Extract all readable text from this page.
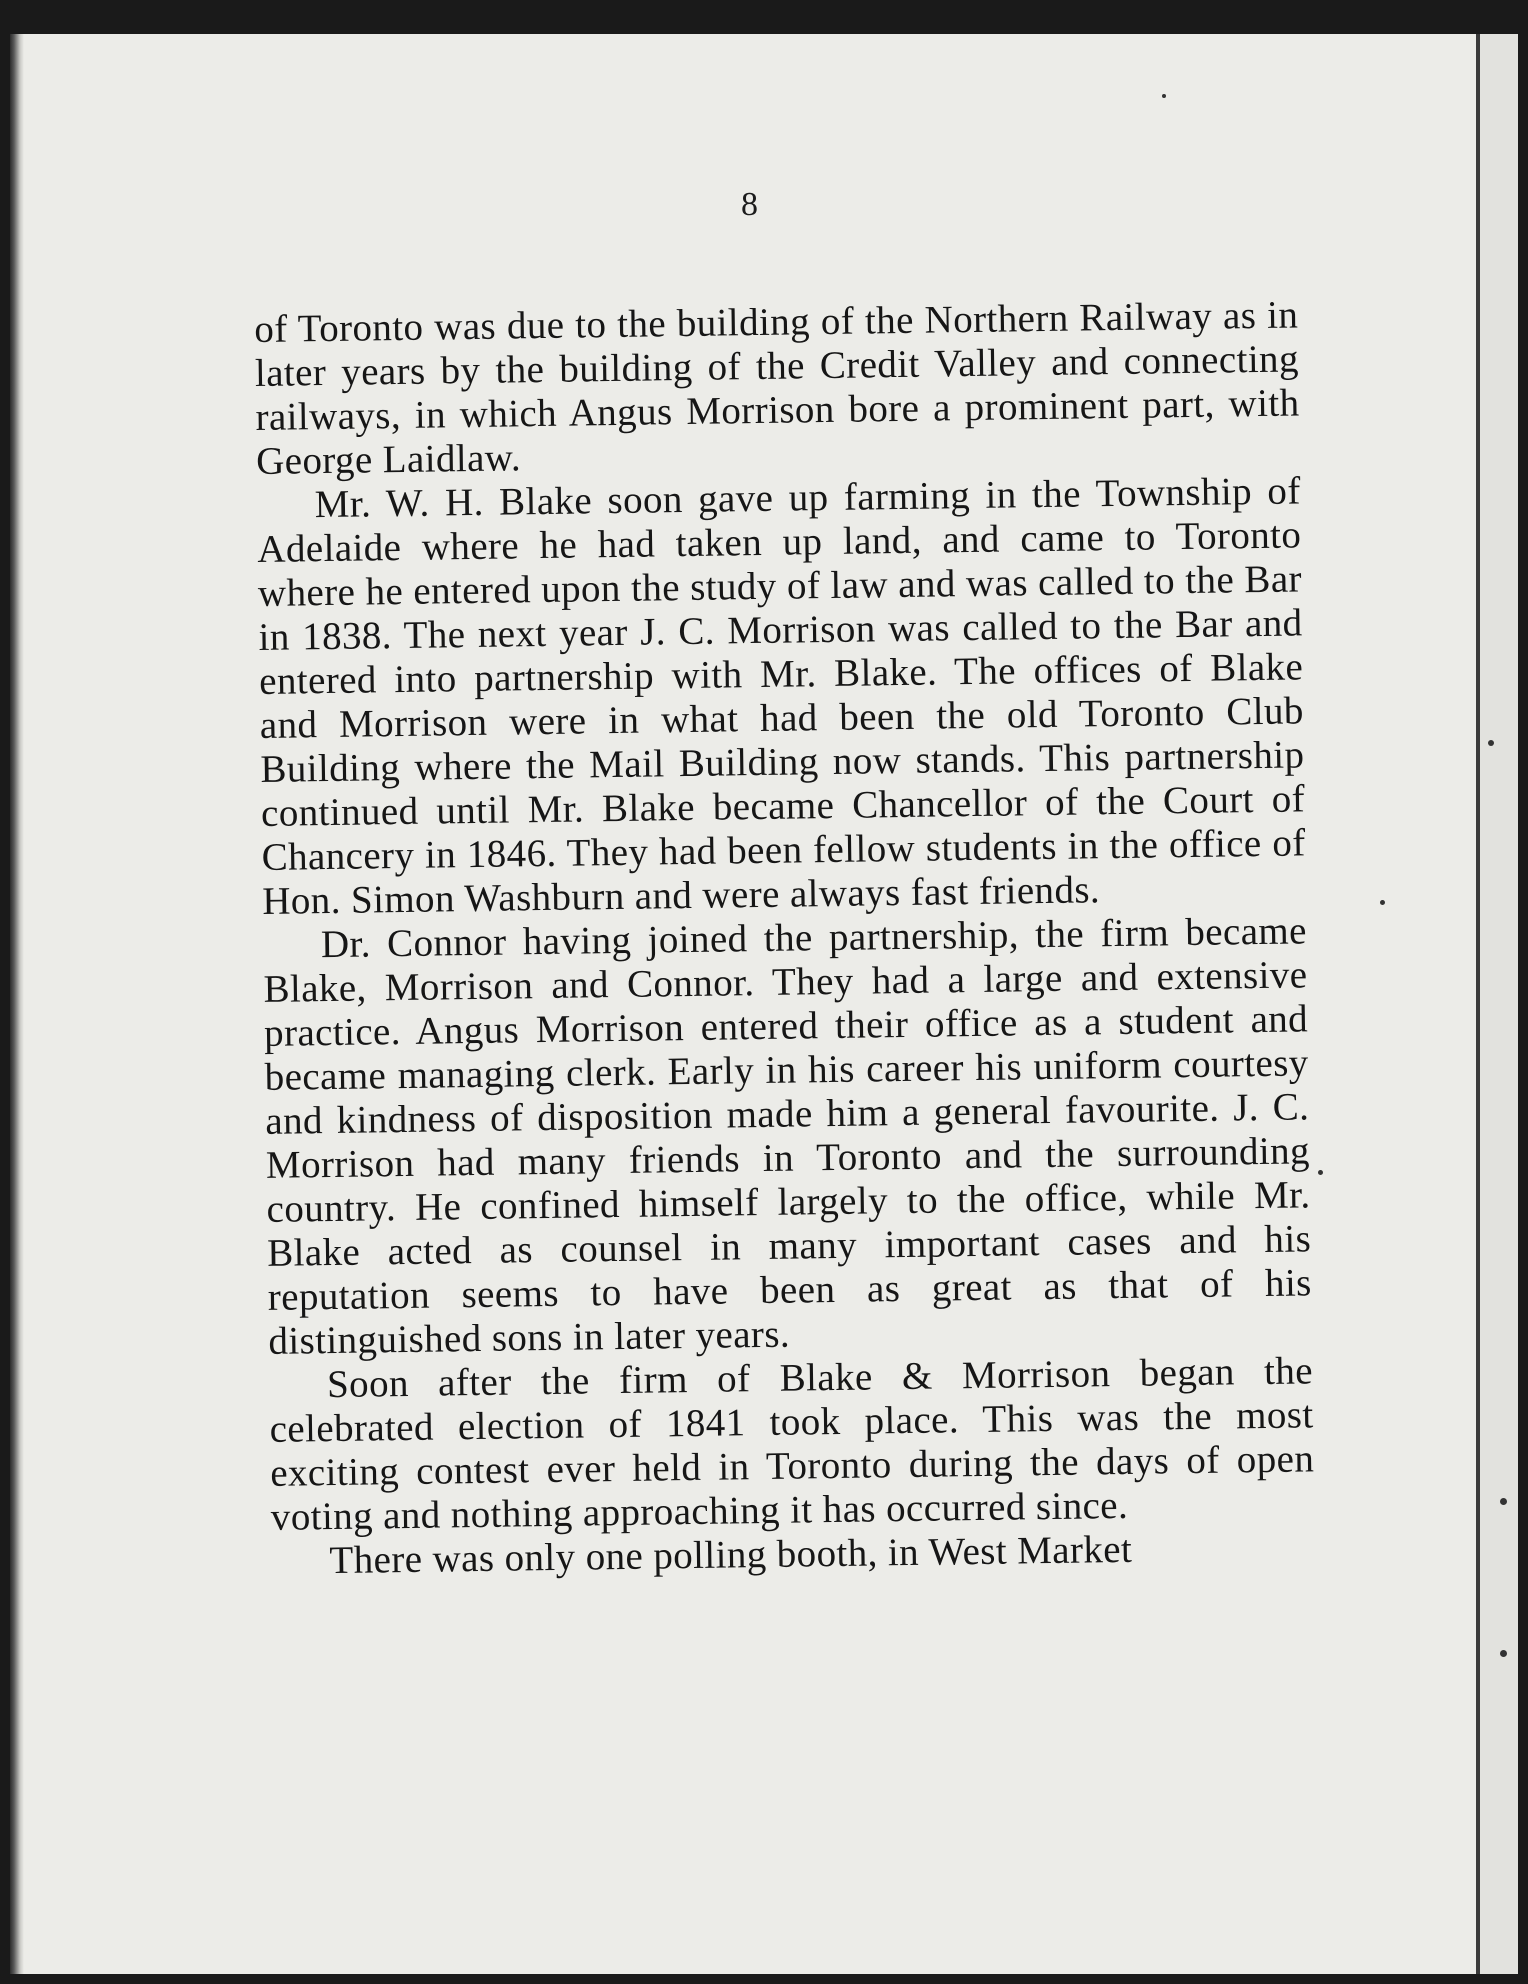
8

of Toronto was due to the building of the Northern Railway as in later years by the building of the Credit Valley and connecting railways, in which Angus Morrison bore a prominent part, with George Laidlaw.

Mr. W. H. Blake soon gave up farming in the Township of Adelaide where he had taken up land, and came to Toronto where he entered upon the study of law and was called to the Bar in 1838. The next year J. C. Morrison was called to the Bar and entered into partnership with Mr. Blake. The offices of Blake and Morrison were in what had been the old Toronto Club Building where the Mail Building now stands. This partnership continued until Mr. Blake became Chancellor of the Court of Chancery in 1846. They had been fellow students in the office of Hon. Simon Washburn and were always fast friends.

Dr. Connor having joined the partnership, the firm became Blake, Morrison and Connor. They had a large and extensive practice. Angus Morrison entered their office as a student and became managing clerk. Early in his career his uniform courtesy and kindness of disposition made him a general favourite. J. C. Morrison had many friends in Toronto and the surrounding country. He confined himself largely to the office, while Mr. Blake acted as counsel in many important cases and his reputation seems to have been as great as that of his distinguished sons in later years.

Soon after the firm of Blake & Morrison began the celebrated election of 1841 took place. This was the most exciting contest ever held in Toronto during the days of open voting and nothing approaching it has occurred since.

There was only one polling booth, in West Market
